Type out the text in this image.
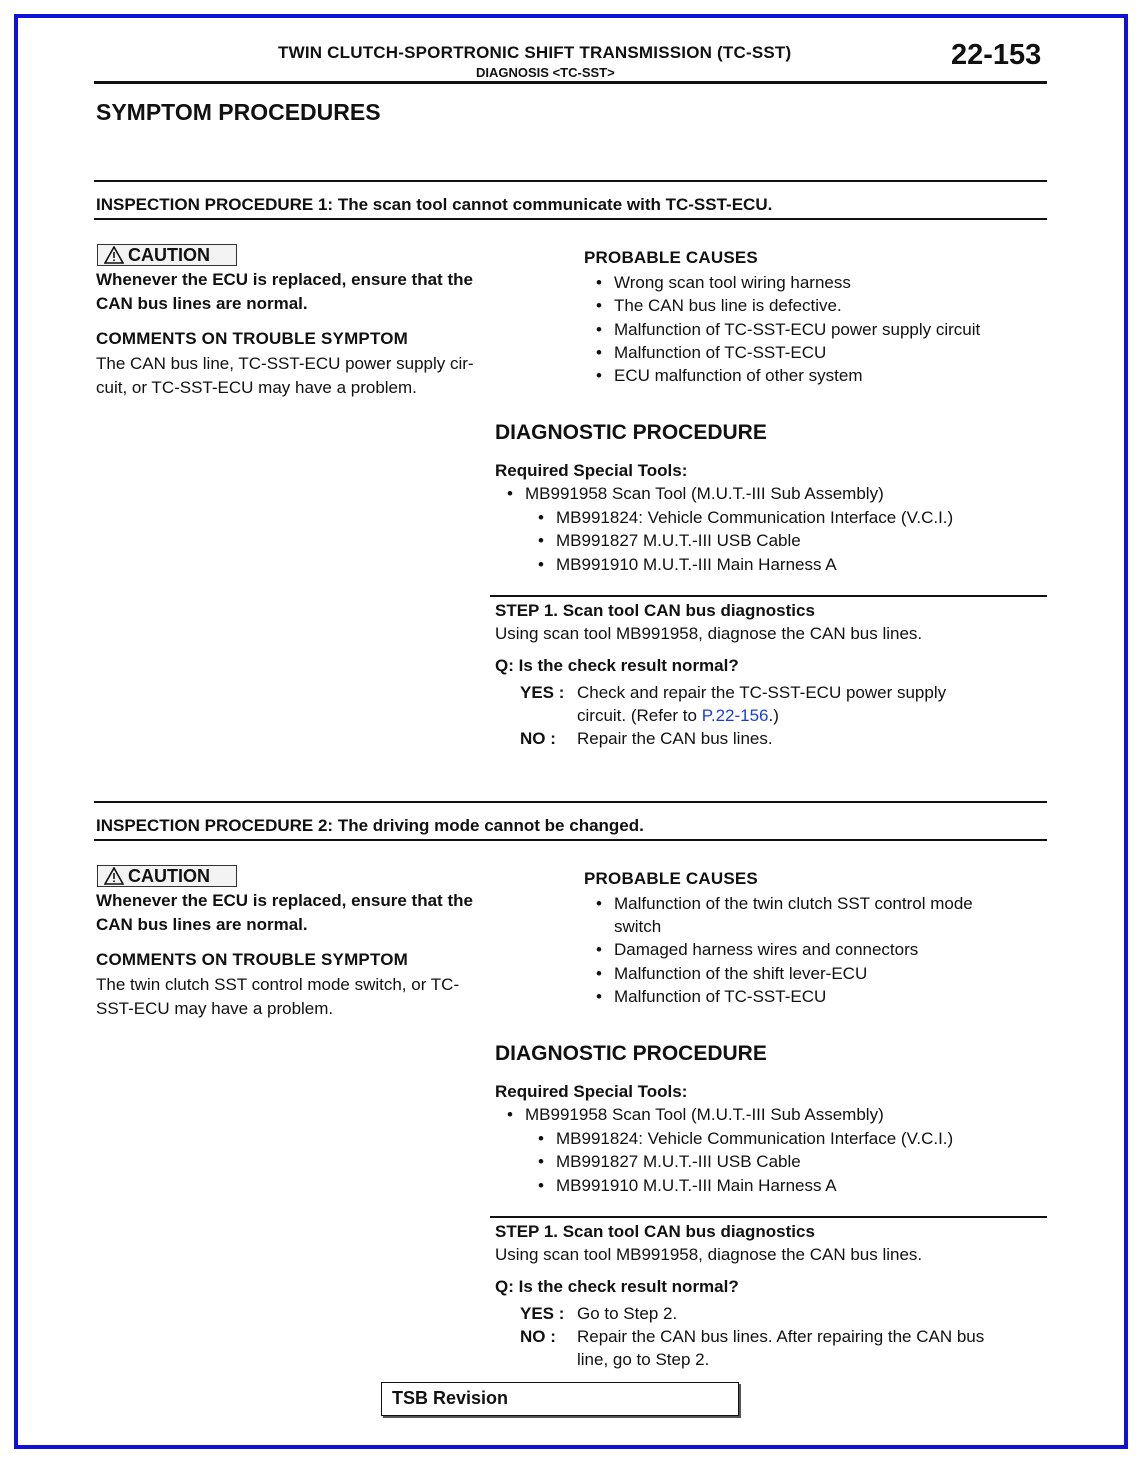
TWIN CLUTCH-SPORTRONIC SHIFT TRANSMISSION (TC-SST)
DIAGNOSIS <TC-SST>
22-153
SYMPTOM PROCEDURES
INSPECTION PROCEDURE 1: The scan tool cannot communicate with TC-SST-ECU.
CAUTION
Whenever the ECU is replaced, ensure that the
CAN bus lines are normal.
COMMENTS ON TROUBLE SYMPTOM
The CAN bus line, TC-SST-ECU power supply cir-
cuit, or TC-SST-ECU may have a problem.
PROBABLE CAUSES
• Wrong scan tool wiring harness
• The CAN bus line is defective.
• Malfunction of TC-SST-ECU power supply circuit
• Malfunction of TC-SST-ECU
• ECU malfunction of other system
DIAGNOSTIC PROCEDURE
Required Special Tools:
• MB991958 Scan Tool (M.U.T.-III Sub Assembly)
• MB991824: Vehicle Communication Interface (V.C.I.)
• MB991827 M.U.T.-III USB Cable
• MB991910 M.U.T.-III Main Harness A
STEP 1. Scan tool CAN bus diagnostics
Using scan tool MB991958, diagnose the CAN bus lines.
Q: Is the check result normal?
YES : Check and repair the TC-SST-ECU power supply
circuit. (Refer to P.22-156.)
NO : Repair the CAN bus lines.
INSPECTION PROCEDURE 2: The driving mode cannot be changed.
CAUTION
Whenever the ECU is replaced, ensure that the
CAN bus lines are normal.
COMMENTS ON TROUBLE SYMPTOM
The twin clutch SST control mode switch, or TC-
SST-ECU may have a problem.
PROBABLE CAUSES
• Malfunction of the twin clutch SST control mode
switch
• Damaged harness wires and connectors
• Malfunction of the shift lever-ECU
• Malfunction of TC-SST-ECU
DIAGNOSTIC PROCEDURE
Required Special Tools:
• MB991958 Scan Tool (M.U.T.-III Sub Assembly)
• MB991824: Vehicle Communication Interface (V.C.I.)
• MB991827 M.U.T.-III USB Cable
• MB991910 M.U.T.-III Main Harness A
STEP 1. Scan tool CAN bus diagnostics
Using scan tool MB991958, diagnose the CAN bus lines.
Q: Is the check result normal?
YES : Go to Step 2.
NO : Repair the CAN bus lines. After repairing the CAN bus
line, go to Step 2.
TSB Revision
